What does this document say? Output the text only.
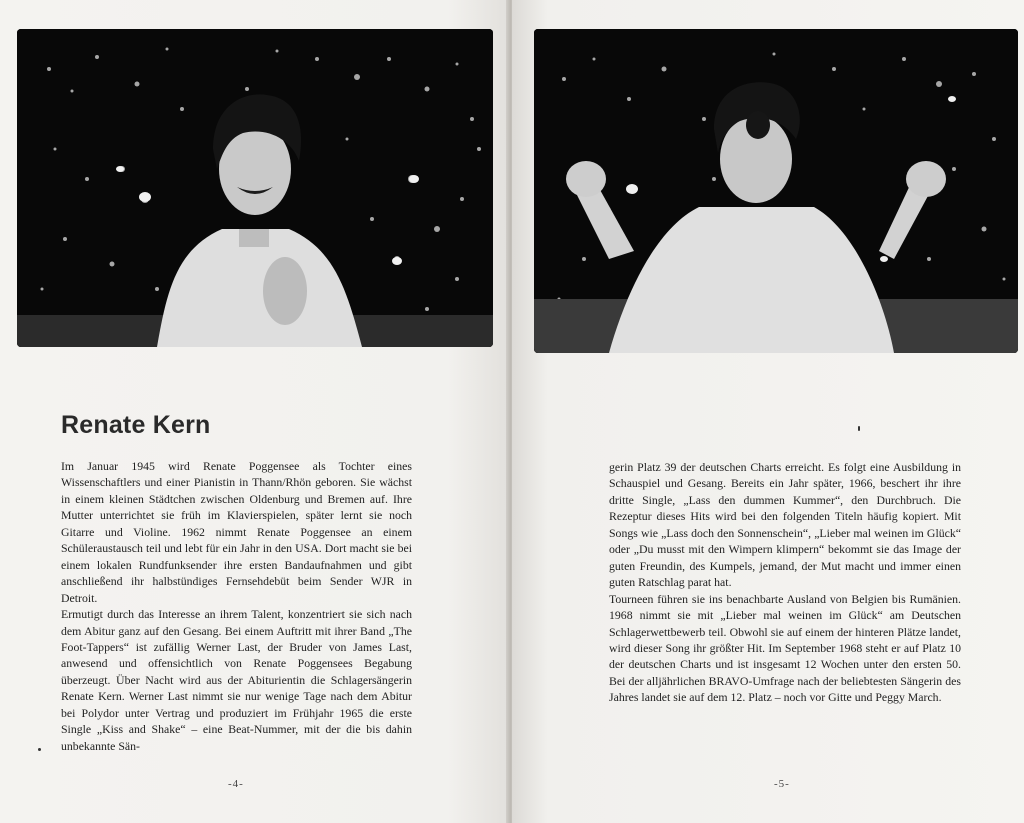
Renate Kern

Im Januar 1945 wird Renate Poggensee als Tochter eines Wissenschaftlers und einer Pianistin in Thann/Rhön geboren. Sie wächst in einem kleinen Städtchen zwischen Oldenburg und Bremen auf. Ihre Mutter unterrichtet sie früh im Klavierspielen, später lernt sie noch Gitarre und Violine. 1962 nimmt Renate Poggensee an einem Schüleraustausch teil und lebt für ein Jahr in den USA. Dort macht sie bei einem lokalen Rundfunksender ihre ersten Bandaufnahmen und gibt anschließend ihr halbstündiges Fernsehdebüt beim Sender WJR in Detroit.

Ermutigt durch das Interesse an ihrem Talent, konzentriert sie sich nach dem Abitur ganz auf den Gesang. Bei einem Auftritt mit ihrer Band „The Foot-Tappers“ ist zufällig Werner Last, der Bruder von James Last, anwesend und offensichtlich von Renate Poggensees Begabung überzeugt. Über Nacht wird aus der Abiturientin die Schlagersängerin Renate Kern. Werner Last nimmt sie nur wenige Tage nach dem Abitur bei Polydor unter Vertrag und produziert im Frühjahr 1965 die erste Single „Kiss and Shake“ – eine Beat-Nummer, mit der die bis dahin unbekannte Sän-

-4-

gerin Platz 39 der deutschen Charts erreicht. Es folgt eine Ausbildung in Schauspiel und Gesang. Bereits ein Jahr später, 1966, beschert ihr ihre dritte Single, „Lass den dummen Kummer“, den Durchbruch. Die Rezeptur dieses Hits wird bei den folgenden Titeln häufig kopiert. Mit Songs wie „Lass doch den Sonnenschein“, „Lieber mal weinen im Glück“ oder „Du musst mit den Wimpern klimpern“ bekommt sie das Image der guten Freundin, des Kumpels, jemand, der Mut macht und immer einen guten Ratschlag parat hat.

Tourneen führen sie ins benachbarte Ausland von Belgien bis Rumänien. 1968 nimmt sie mit „Lieber mal weinen im Glück“ am Deutschen Schlagerwettbewerb teil. Obwohl sie auf einem der hinteren Plätze landet, wird dieser Song ihr größter Hit. Im September 1968 steht er auf Platz 10 der deutschen Charts und ist insgesamt 12 Wochen unter den ersten 50. Bei der alljährlichen BRAVO-Umfrage nach der beliebtesten Sängerin des Jahres landet sie auf dem 12. Platz – noch vor Gitte und Peggy March.

-5-
